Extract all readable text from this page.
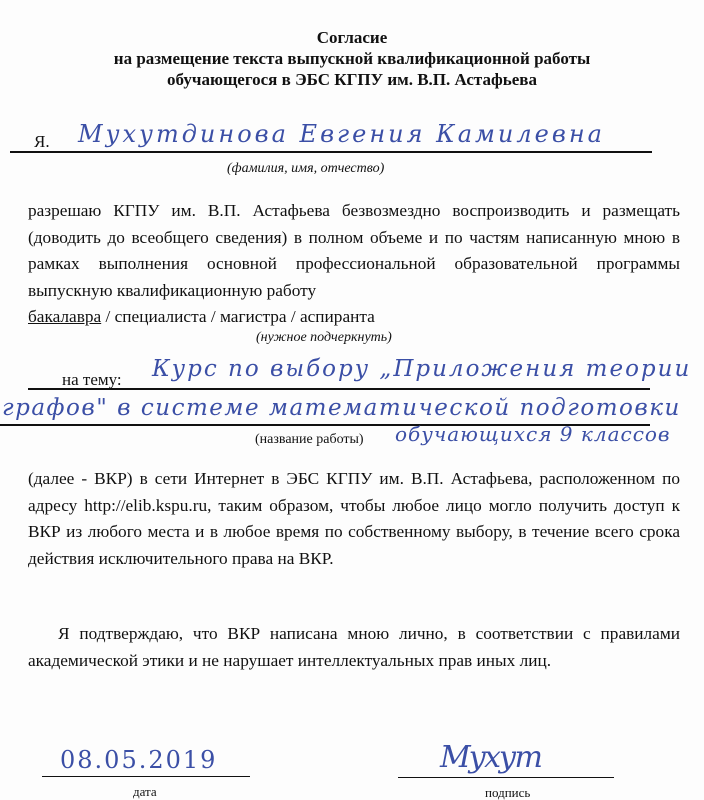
Согласие
на размещение текста выпускной квалификационной работы
обучающегося в ЭБС КГПУ им. В.П. Астафьева
Я. Мухутдинова Евгения Камилевна
(фамилия, имя, отчество)
разрешаю КГПУ им. В.П. Астафьева безвозмездно воспроизводить и размещать (доводить до всеобщего сведения) в полном объеме и по частям написанную мною в рамках выполнения основной профессиональной образовательной программы выпускную квалификационную работу
бакалавра / специалиста / магистра / аспиранта
(нужное подчеркнуть)
на тему: Курс по выбору „Приложения теории
графов" в системе математической подготовки
(название работы) обучающихся 9 классов
(далее - ВКР) в сети Интернет в ЭБС КГПУ им. В.П. Астафьева, расположенном по адресу http://elib.kspu.ru, таким образом, чтобы любое лицо могло получить доступ к ВКР из любого места и в любое время по собственному выбору, в течение всего срока действия исключительного права на ВКР.
Я подтверждаю, что ВКР написана мною лично, в соответствии с правилами академической этики и не нарушает интеллектуальных прав иных лиц.
08.05.2019
дата
Мухут
подпись
